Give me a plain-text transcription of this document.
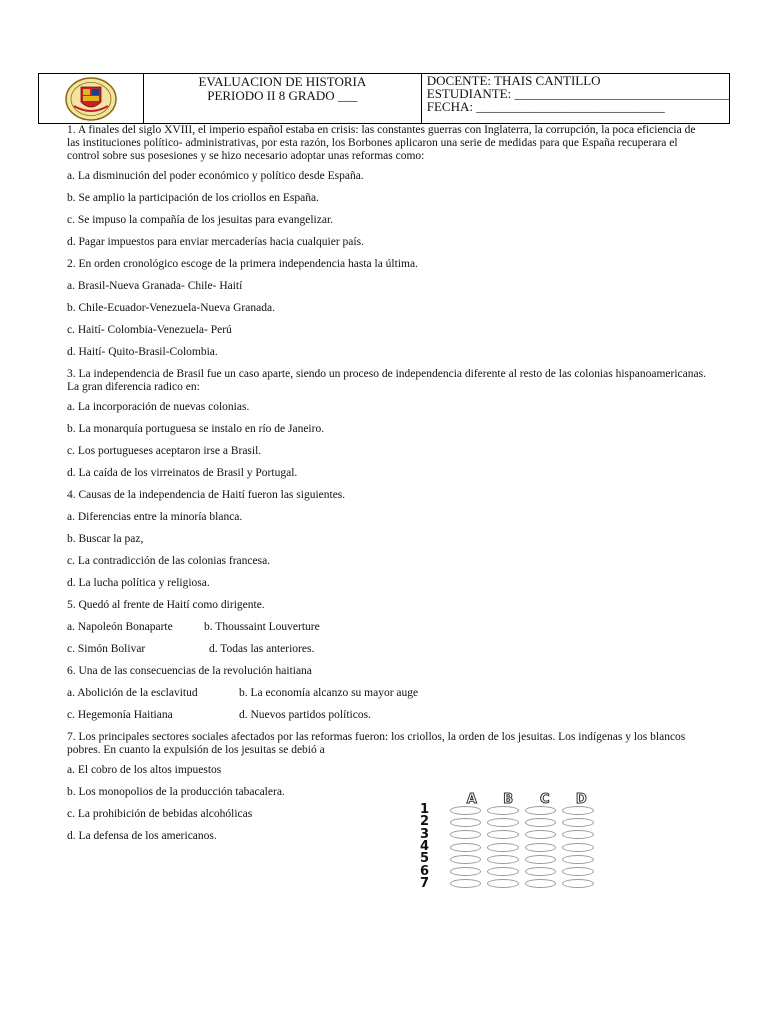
EVALUACION DE HISTORIA
PERIODO II 8 GRADO ___
DOCENTE: THAIS CANTILLO
ESTUDIANTE: _________________________________
FECHA: _____________________________

1. A finales del siglo XVIII, el imperio español estaba en crisis: las constantes guerras con Inglaterra, la corrupción, la poca eficiencia de las instituciones político- administrativas, por esta razón, los Borbones aplicaron una serie de medidas para que España recuperara el control sobre sus posesiones y se hizo necesario adoptar unas reformas como:

a. La disminución del poder económico y político desde España.

b. Se amplio la participación de los criollos en España.

c. Se impuso la compañía de los jesuitas para evangelizar.

d. Pagar impuestos para enviar mercaderías hacia cualquier país.

2. En orden cronológico escoge de la primera independencia hasta la última.

a. Brasil-Nueva Granada- Chile- Haití

b. Chile-Ecuador-Venezuela-Nueva Granada.

c. Haití- Colombia-Venezuela- Perú

d. Haití- Quito-Brasil-Colombia.

3. La independencia de Brasil fue un caso aparte, siendo un proceso de independencia diferente al resto de las colonias hispanoamericanas. La gran diferencia radico en:

a. La incorporación de nuevas colonias.

b. La monarquía portuguesa se instalo en río de Janeiro.

c. Los portugueses aceptaron irse a Brasil.

d. La caída de los virreinatos de Brasil y Portugal.

4. Causas de la independencia de Haití fueron las siguientes.

a. Diferencias entre la minoría blanca.

b. Buscar la paz,

c. La contradicción de las colonias francesa.

d. La lucha política y religiosa.

5. Quedó al frente de Haití como dirigente.

a. Napoleón Bonaparte	b. Thoussaint Louverture

c. Simón Bolivar	d. Todas las anteriores.

6. Una de las consecuencias de la revolución haitiana

a. Abolición de la esclavitud	b. La economía alcanzo su mayor auge

c. Hegemonía Haitiana	d. Nuevos partidos políticos.

7. Los principales sectores sociales afectados por las reformas fueron: los criollos, la orden de los jesuitas. Los indígenas y los blancos pobres. En cuanto la expulsión de los jesuitas se debió a

a. El cobro de los altos impuestos

b. Los monopolios de la producción tabacalera.

c. La prohibición de bebidas alcohólicas

d. La defensa de los americanos.

A	B	C	D
1
2
3
4
5
6
7
